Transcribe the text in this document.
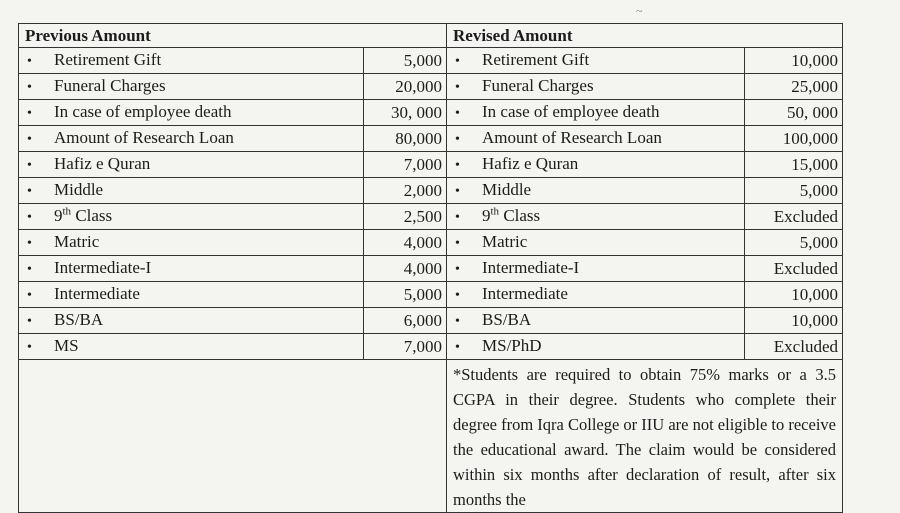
Previous Amount		Revised Amount	
• Retirement Gift	5,000	• Retirement Gift	10,000
• Funeral Charges	20,000	• Funeral Charges	25,000
• In case of employee death	30, 000	• In case of employee death	50, 000
• Amount of Research Loan	80,000	• Amount of Research Loan	100,000
• Hafiz e Quran	7,000	• Hafiz e Quran	15,000
• Middle	2,000	• Middle	5,000
• 9th Class	2,500	• 9th Class	Excluded
• Matric	4,000	• Matric	5,000
• Intermediate-I	4,000	• Intermediate-I	Excluded
• Intermediate	5,000	• Intermediate	10,000
• BS/BA	6,000	• BS/BA	10,000
• MS	7,000	• MS/PhD	Excluded
		*Students are required to obtain 75% marks or a 3.5 CGPA in their degree. Students who complete their degree from Iqra College or IIU are not eligible to receive the educational award. The claim would be considered within six months after declaration of result, after six months the	
~
